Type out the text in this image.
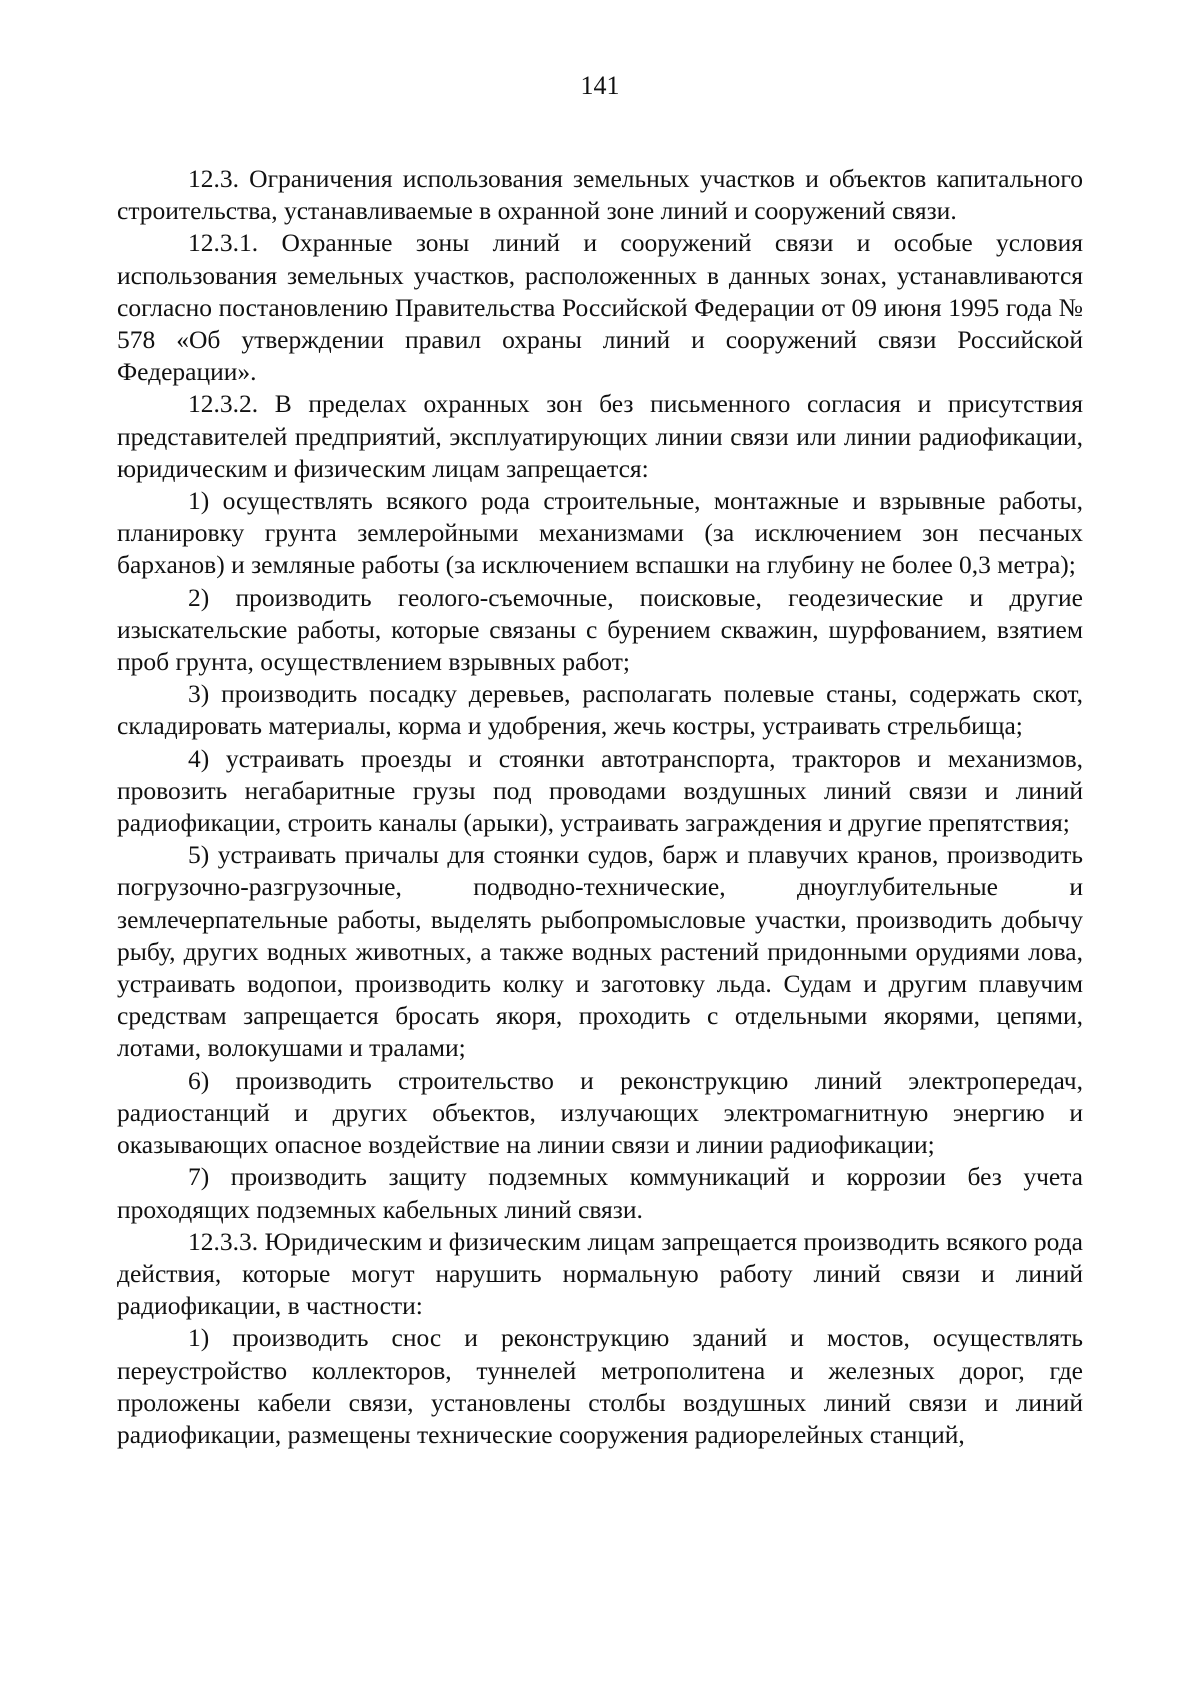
141

12.3. Ограничения использования земельных участков и объектов капитального строительства, устанавливаемые в охранной зоне линий и сооружений связи.

12.3.1. Охранные зоны линий и сооружений связи и особые условия использования земельных участков, расположенных в данных зонах, устанавливаются согласно постановлению Правительства Российской Федерации от 09 июня 1995 года № 578 «Об утверждении правил охраны линий и сооружений связи Российской Федерации».

12.3.2. В пределах охранных зон без письменного согласия и присутствия представителей предприятий, эксплуатирующих линии связи или линии радиофикации, юридическим и физическим лицам запрещается:

1) осуществлять всякого рода строительные, монтажные и взрывные работы, планировку грунта землеройными механизмами (за исключением зон песчаных барханов) и земляные работы (за исключением вспашки на глубину не более 0,3 метра);

2) производить геолого-съемочные, поисковые, геодезические и другие изыскательские работы, которые связаны с бурением скважин, шурфованием, взятием проб грунта, осуществлением взрывных работ;

3) производить посадку деревьев, располагать полевые станы, содержать скот, складировать материалы, корма и удобрения, жечь костры, устраивать стрельбища;

4) устраивать проезды и стоянки автотранспорта, тракторов и механизмов, провозить негабаритные грузы под проводами воздушных линий связи и линий радиофикации, строить каналы (арыки), устраивать заграждения и другие препятствия;

5) устраивать причалы для стоянки судов, барж и плавучих кранов, производить погрузочно-разгрузочные, подводно-технические, дноуглубительные и землечерпательные работы, выделять рыбопромысловые участки, производить добычу рыбу, других водных животных, а также водных растений придонными орудиями лова, устраивать водопои, производить колку и заготовку льда. Судам и другим плавучим средствам запрещается бросать якоря, проходить с отдельными якорями, цепями, лотами, волокушами и тралами;

6) производить строительство и реконструкцию линий электропередач, радиостанций и других объектов, излучающих электромагнитную энергию и оказывающих опасное воздействие на линии связи и линии радиофикации;

7) производить защиту подземных коммуникаций и коррозии без учета проходящих подземных кабельных линий связи.

12.3.3. Юридическим и физическим лицам запрещается производить всякого рода действия, которые могут нарушить нормальную работу линий связи и линий радиофикации, в частности:

1) производить снос и реконструкцию зданий и мостов, осуществлять переустройство коллекторов, туннелей метрополитена и железных дорог, где проложены кабели связи, установлены столбы воздушных линий связи и линий радиофикации, размещены технические сооружения радиорелейных станций,
